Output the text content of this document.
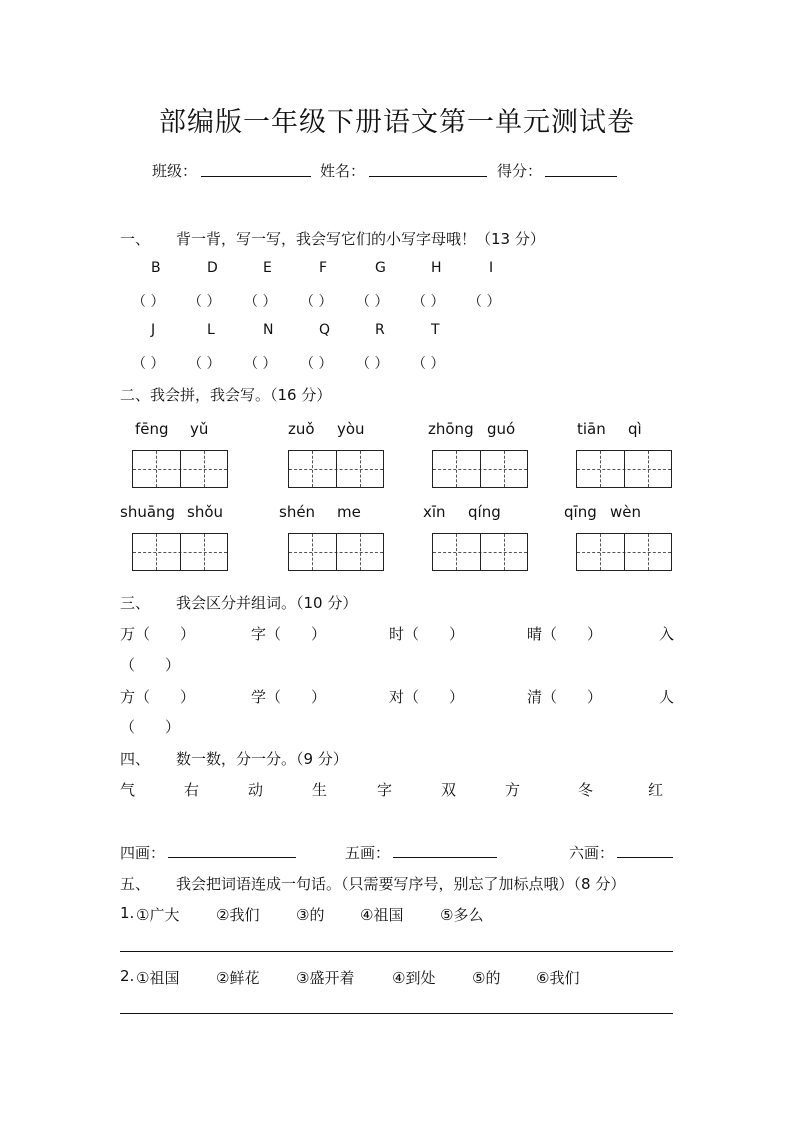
部编版一年级下册语文第一单元测试卷
班级：	姓名：	得分：
一、 背一背，写一写，我会写它们的小写字母哦！（13 分）
B	D	E	F	G	H	I
（ ） （ ） （ ） （ ） （ ） （ ） （ ）
J	L	N	Q	R	T
（ ） （ ） （ ） （ ） （ ） （ ）
二、我会拼，我会写。（16 分）
fēng yǔ	zuǒ yòu	zhōng guó	tiān qì
shuāng shǒu	shén me	xīn qíng	qīng wèn
三、 我会区分并组词。（10 分）
万（　　）	字（　　）	时（　　）	晴（　　）	入
（　　）
方（　　）	学（　　）	对（　　）	清（　　）	人
（　　）
四、 数一数，分一分。（9 分）
气	右	动	生	字	双	方	冬	红
四画：	五画：	六画：
五、 我会把词语连成一句话。（只需要写序号，别忘了加标点哦）（8 分）
1. ①广大 ②我们 ③的 ④祖国 ⑤多么
2. ①祖国 ②鲜花 ③盛开着	④到处 ⑤的 ⑥我们
